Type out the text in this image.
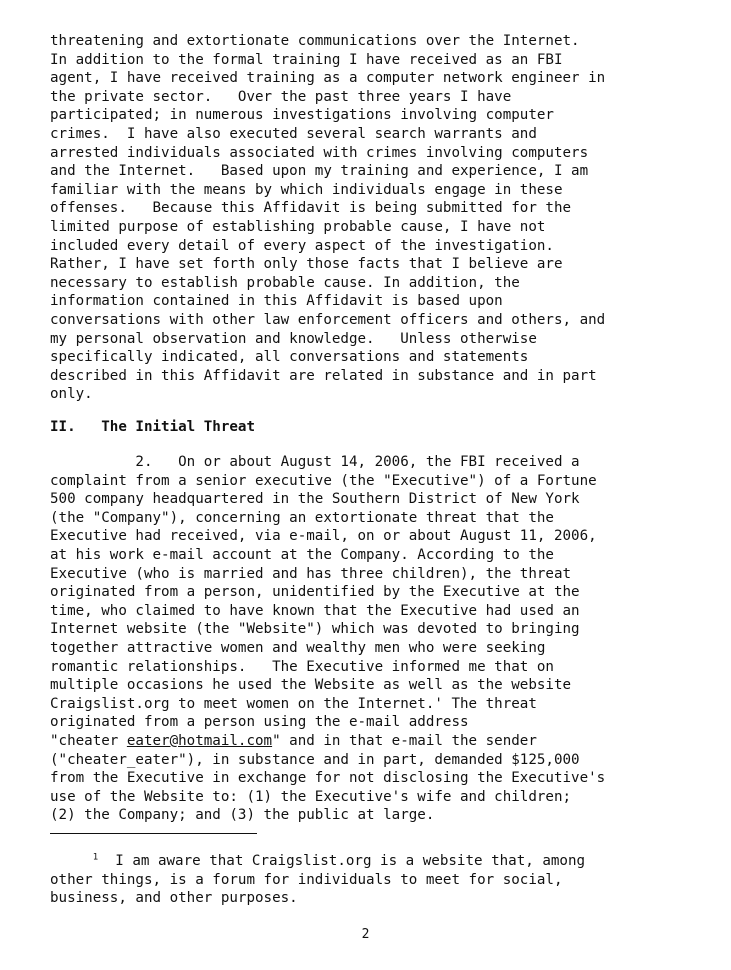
threatening and extortionate communications over the Internet.
In addition to the formal training I have received as an FBI
agent, I have received training as a computer network engineer in
the private sector.   Over the past three years I have
participated; in numerous investigations involving computer
crimes.  I have also executed several search warrants and
arrested individuals associated with crimes involving computers
and the Internet.   Based upon my training and experience, I am
familiar with the means by which individuals engage in these
offenses.   Because this Affidavit is being submitted for the
limited purpose of establishing probable cause, I have not
included every detail of every aspect of the investigation.
Rather, I have set forth only those facts that I believe are
necessary to establish probable cause. In addition, the
information contained in this Affidavit is based upon
conversations with other law enforcement officers and others, and
my personal observation and knowledge.   Unless otherwise
specifically indicated, all conversations and statements
described in this Affidavit are related in substance and in part
only.

II.   The Initial Threat

2.   On or about August 14, 2006, the FBI received a
complaint from a senior executive (the "Executive") of a Fortune
500 company headquartered in the Southern District of New York
(the "Company"), concerning an extortionate threat that the
Executive had received, via e-mail, on or about August 11, 2006,
at his work e-mail account at the Company. According to the
Executive (who is married and has three children), the threat
originated from a person, unidentified by the Executive at the
time, who claimed to have known that the Executive had used an
Internet website (the "Website") which was devoted to bringing
together attractive women and wealthy men who were seeking
romantic relationships.   The Executive informed me that on
multiple occasions he used the Website as well as the website
Craigslist.org to meet women on the Internet.' The threat
originated from a person using the e-mail address
"cheater eater@hotmail.com" and in that e-mail the sender
("cheater_eater"), in substance and in part, demanded $125,000
from the Executive in exchange for not disclosing the Executive's
use of the Website to: (1) the Executive's wife and children;
(2) the Company; and (3) the public at large.

$^1$ I am aware that Craigslist.org is a website that, among
other things, is a forum for individuals to meet for social,
business, and other purposes.

2
